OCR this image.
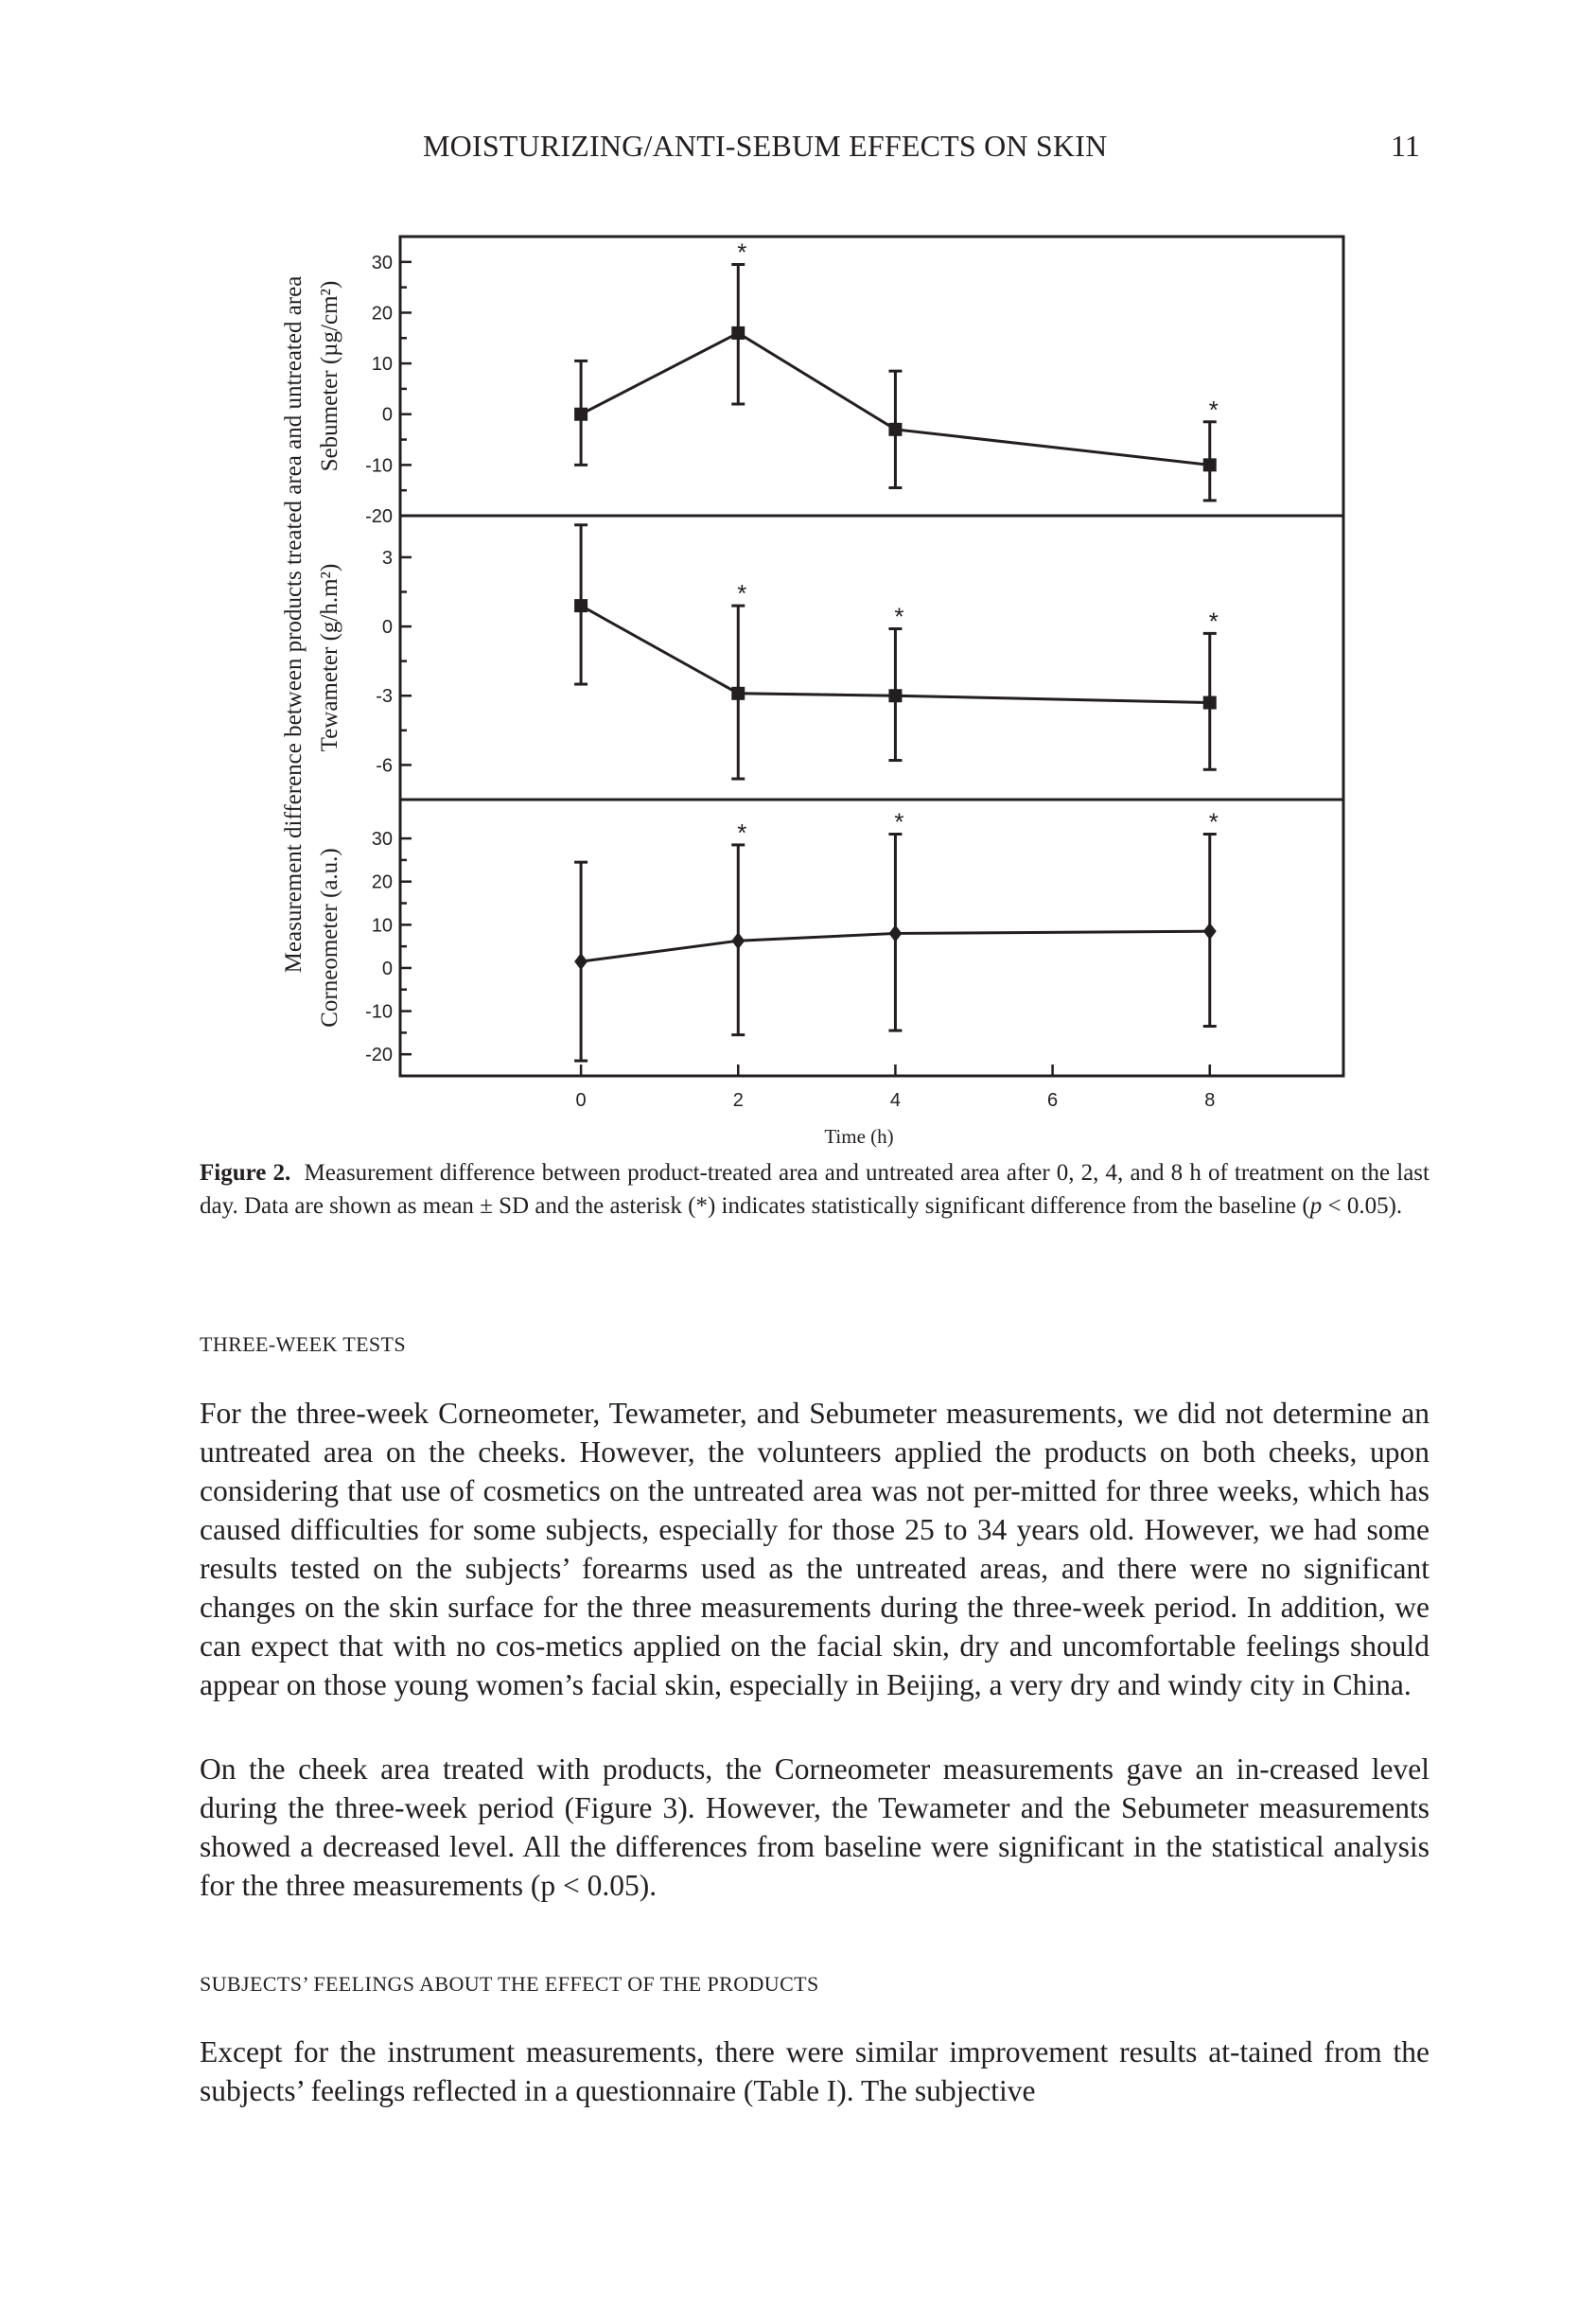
MOISTURIZING/ANTI-SEBUM EFFECTS ON SKIN	11
30
20
10
0
-10
-20
Sebumeter (µg/cm²)
*
*
3
0
-3
-6
Tewameter (g/h.m²)	*
*	*
30
20
10
0
-10
-20
Corneometer (a.u.)
*	*	*
0	2	4	6	8
Measurement difference between products treated area and untreated area
Time (h)
Figure 2. Measurement difference between product-treated area and untreated area after 0, 2, 4, and 8 h of treatment on the last day. Data are shown as mean ± SD and the asterisk (*) indicates statistically significant difference from the baseline (p < 0.05).
THREE-WEEK TESTS
For the three-week Corneometer, Tewameter, and Sebumeter measurements, we did not determine an untreated area on the cheeks. However, the volunteers applied the products on both cheeks, upon considering that use of cosmetics on the untreated area was not per-mitted for three weeks, which has caused difficulties for some subjects, especially for those 25 to 34 years old. However, we had some results tested on the subjects’ forearms used as the untreated areas, and there were no significant changes on the skin surface for the three measurements during the three-week period. In addition, we can expect that with no cos-metics applied on the facial skin, dry and uncomfortable feelings should appear on those young women’s facial skin, especially in Beijing, a very dry and windy city in China.
On the cheek area treated with products, the Corneometer measurements gave an in-creased level during the three-week period (Figure 3). However, the Tewameter and the Sebumeter measurements showed a decreased level. All the differences from baseline were significant in the statistical analysis for the three measurements (p < 0.05).
SUBJECTS’ FEELINGS ABOUT THE EFFECT OF THE PRODUCTS
Except for the instrument measurements, there were similar improvement results at-tained from the subjects’ feelings reflected in a questionnaire (Table I). The subjective
